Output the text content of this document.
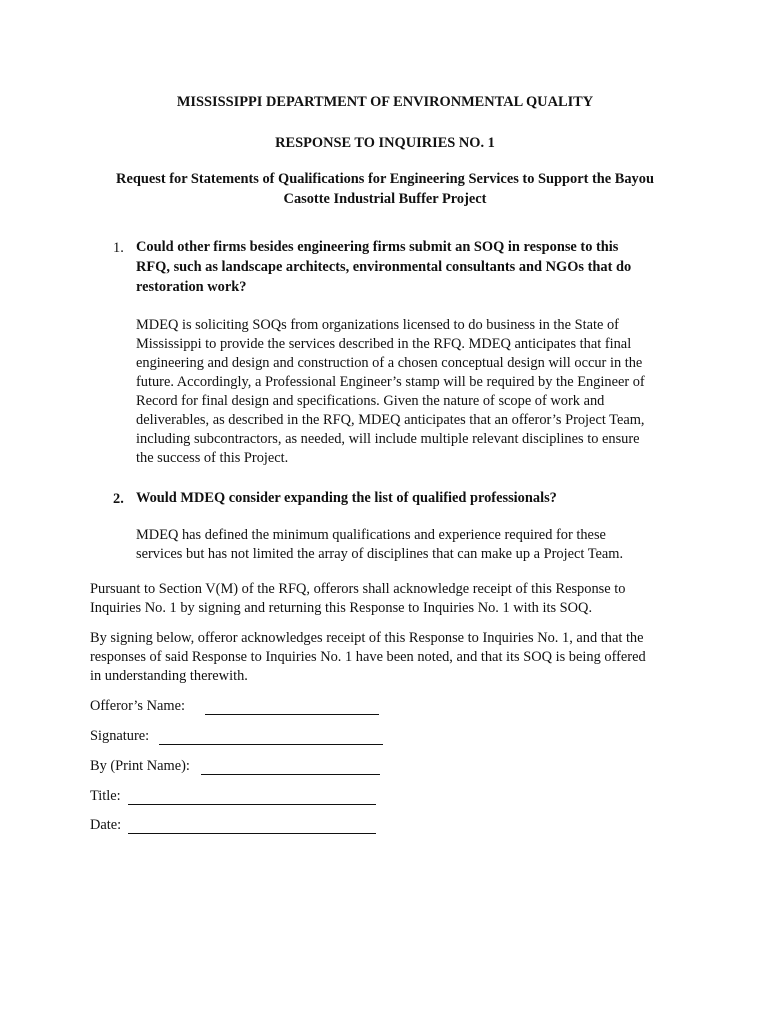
MISSISSIPPI DEPARTMENT OF ENVIRONMENTAL QUALITY
RESPONSE TO INQUIRIES NO. 1
Request for Statements of Qualifications for Engineering Services to Support the Bayou
Casotte Industrial Buffer Project
1. Could other firms besides engineering firms submit an SOQ in response to this
RFQ, such as landscape architects, environmental consultants and NGOs that do
restoration work?
MDEQ is soliciting SOQs from organizations licensed to do business in the State of
Mississippi to provide the services described in the RFQ. MDEQ anticipates that final
engineering and design and construction of a chosen conceptual design will occur in the
future. Accordingly, a Professional Engineer’s stamp will be required by the Engineer of
Record for final design and specifications. Given the nature of scope of work and
deliverables, as described in the RFQ, MDEQ anticipates that an offeror’s Project Team,
including subcontractors, as needed, will include multiple relevant disciplines to ensure
the success of this Project.
2. Would MDEQ consider expanding the list of qualified professionals?
MDEQ has defined the minimum qualifications and experience required for these
services but has not limited the array of disciplines that can make up a Project Team.
Pursuant to Section V(M) of the RFQ, offerors shall acknowledge receipt of this Response to
Inquiries No. 1 by signing and returning this Response to Inquiries No. 1 with its SOQ.
By signing below, offeror acknowledges receipt of this Response to Inquiries No. 1, and that the
responses of said Response to Inquiries No. 1 have been noted, and that its SOQ is being offered
in understanding therewith.
Offeror’s Name:
Signature:
By (Print Name):
Title:
Date:
